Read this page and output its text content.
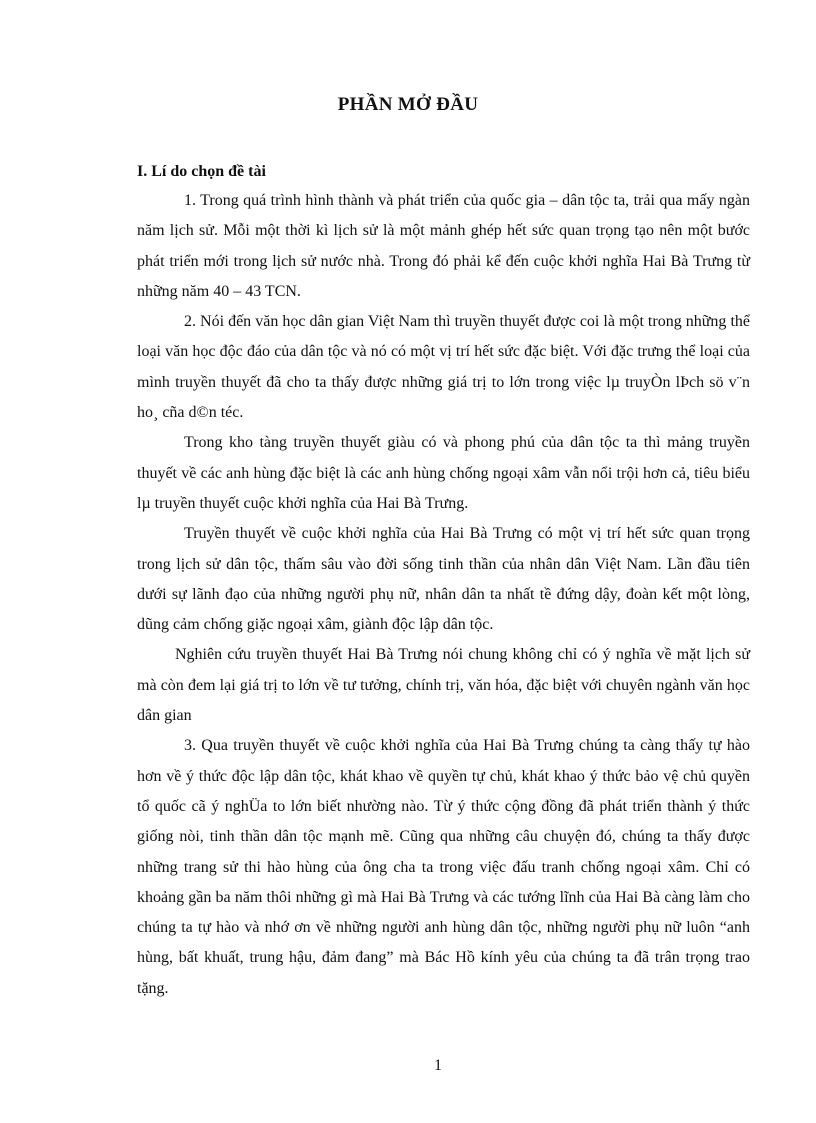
PHẦN MỞ ĐẦU
I. Lí do chọn đề tài

1. Trong quá trình hình thành và phát triển của quốc gia – dân tộc ta, trải qua mấy ngàn năm lịch sử. Mỗi một thời kì lịch sử là một mảnh ghép hết sức quan trọng tạo nên một bước phát triển mới trong lịch sử nước nhà. Trong đó phải kể đến cuộc khởi nghĩa Hai Bà Trưng từ những năm 40 – 43 TCN.

2. Nói đến văn học dân gian Việt Nam thì truyền thuyết được coi là một trong những thể loại văn học độc đáo của dân tộc và nó có một vị trí hết sức đặc biệt. Với đặc trưng thể loại của mình truyền thuyết đã cho ta thấy được những giá trị to lớn trong việc lµ truyÒn lÞch sö v¨n ho¸ cña d©n téc.

Trong kho tàng truyền thuyết giàu có và phong phú của dân tộc ta thì mảng truyền thuyết về các anh hùng đặc biệt là các anh hùng chống ngoại xâm vẫn nổi trội hơn cả, tiêu biểu lµ truyền thuyết cuộc khởi nghĩa của Hai Bà Trưng.

Truyền thuyết về cuộc khởi nghĩa của Hai Bà Trưng có một vị trí hết sức quan trọng trong lịch sử dân tộc, thấm sâu vào đời sống tinh thần của nhân dân Việt Nam. Lần đầu tiên dưới sự lãnh đạo của những người phụ nữ, nhân dân ta nhất tề đứng dậy, đoàn kết một lòng, dũng cảm chống giặc ngoại xâm, giành độc lập dân tộc.

Nghiên cứu truyền thuyết Hai Bà Trưng nói chung không chỉ có ý nghĩa về mặt lịch sử mà còn đem lại giá trị to lớn về tư tưởng, chính trị, văn hóa, đặc biệt với chuyên ngành văn học dân gian

3. Qua truyền thuyết về cuộc khởi nghĩa của Hai Bà Trưng chúng ta càng thấy tự hào hơn về ý thức độc lập dân tộc, khát khao về quyền tự chủ, khát khao ý thức bảo vệ chủ quyền tổ quốc cã ý nghÜa to lớn biết nhường nào. Từ ý thức cộng đồng đã phát triển thành ý thức giống nòi, tinh thần dân tộc mạnh mẽ. Cũng qua những câu chuyện đó, chúng ta thấy được những trang sử thi hào hùng của ông cha ta trong việc đấu tranh chống ngoại xâm. Chỉ có khoảng gần ba năm thôi những gì mà Hai Bà Trưng và các tướng lĩnh của Hai Bà càng làm cho chúng ta tự hào và nhớ ơn về những người anh hùng dân tộc, những người phụ nữ luôn “anh hùng, bất khuất, trung hậu, đảm đang” mà Bác Hồ kính yêu của chúng ta đã trân trọng trao tặng.

1
